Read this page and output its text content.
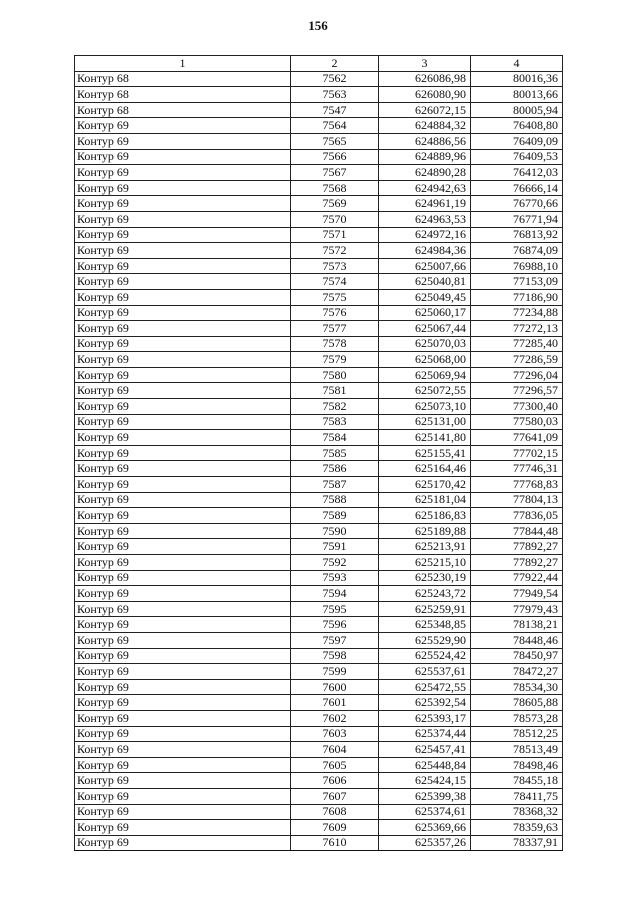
156
1	2	3	4
Контур 68	7562	626086,98	80016,36
Контур 68	7563	626080,90	80013,66
Контур 68	7547	626072,15	80005,94
Контур 69	7564	624884,32	76408,80
Контур 69	7565	624886,56	76409,09
Контур 69	7566	624889,96	76409,53
Контур 69	7567	624890,28	76412,03
Контур 69	7568	624942,63	76666,14
Контур 69	7569	624961,19	76770,66
Контур 69	7570	624963,53	76771,94
Контур 69	7571	624972,16	76813,92
Контур 69	7572	624984,36	76874,09
Контур 69	7573	625007,66	76988,10
Контур 69	7574	625040,81	77153,09
Контур 69	7575	625049,45	77186,90
Контур 69	7576	625060,17	77234,88
Контур 69	7577	625067,44	77272,13
Контур 69	7578	625070,03	77285,40
Контур 69	7579	625068,00	77286,59
Контур 69	7580	625069,94	77296,04
Контур 69	7581	625072,55	77296,57
Контур 69	7582	625073,10	77300,40
Контур 69	7583	625131,00	77580,03
Контур 69	7584	625141,80	77641,09
Контур 69	7585	625155,41	77702,15
Контур 69	7586	625164,46	77746,31
Контур 69	7587	625170,42	77768,83
Контур 69	7588	625181,04	77804,13
Контур 69	7589	625186,83	77836,05
Контур 69	7590	625189,88	77844,48
Контур 69	7591	625213,91	77892,27
Контур 69	7592	625215,10	77892,27
Контур 69	7593	625230,19	77922,44
Контур 69	7594	625243,72	77949,54
Контур 69	7595	625259,91	77979,43
Контур 69	7596	625348,85	78138,21
Контур 69	7597	625529,90	78448,46
Контур 69	7598	625524,42	78450,97
Контур 69	7599	625537,61	78472,27
Контур 69	7600	625472,55	78534,30
Контур 69	7601	625392,54	78605,88
Контур 69	7602	625393,17	78573,28
Контур 69	7603	625374,44	78512,25
Контур 69	7604	625457,41	78513,49
Контур 69	7605	625448,84	78498,46
Контур 69	7606	625424,15	78455,18
Контур 69	7607	625399,38	78411,75
Контур 69	7608	625374,61	78368,32
Контур 69	7609	625369,66	78359,63
Контур 69	7610	625357,26	78337,91
